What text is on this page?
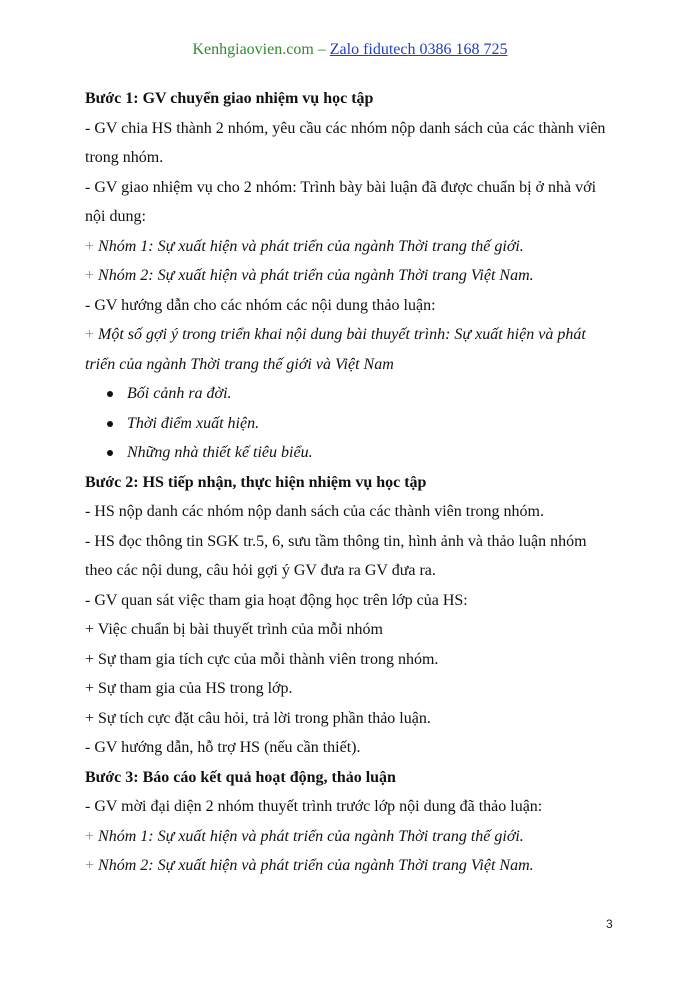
Kenhgiaovien.com – Zalo fidutech 0386 168 725
Bước 1: GV chuyển giao nhiệm vụ học tập
- GV chia HS thành 2 nhóm, yêu cầu các nhóm nộp danh sách của các thành viên
trong nhóm.
- GV giao nhiệm vụ cho 2 nhóm: Trình bày bài luận đã được chuẩn bị ở nhà với
nội dung:
+ Nhóm 1: Sự xuất hiện và phát triển của ngành Thời trang thế giới.
+ Nhóm 2: Sự xuất hiện và phát triển của ngành Thời trang Việt Nam.
- GV hướng dẫn cho các nhóm các nội dung thảo luận:
+ Một số gợi ý trong triển khai nội dung bài thuyết trình: Sự xuất hiện và phát
triển của ngành Thời trang thế giới và Việt Nam
Bối cảnh ra đời.
Thời điểm xuất hiện.
Những nhà thiết kế tiêu biểu.
Bước 2: HS tiếp nhận, thực hiện nhiệm vụ học tập
- HS nộp danh các nhóm nộp danh sách của các thành viên trong nhóm.
- HS đọc thông tin SGK tr.5, 6, sưu tầm thông tin, hình ảnh và thảo luận nhóm
theo các nội dung, câu hỏi gợi ý GV đưa ra GV đưa ra.
- GV quan sát việc tham gia hoạt động học trên lớp của HS:
+ Việc chuẩn bị bài thuyết trình của mỗi nhóm
+ Sự tham gia tích cực của mỗi thành viên trong nhóm.
+ Sự tham gia của HS trong lớp.
+ Sự tích cực đặt câu hỏi, trả lời trong phần thảo luận.
- GV hướng dẫn, hỗ trợ HS (nếu cần thiết).
Bước 3: Báo cáo kết quả hoạt động, thảo luận
- GV mời đại diện 2 nhóm thuyết trình trước lớp nội dung đã thảo luận:
+ Nhóm 1: Sự xuất hiện và phát triển của ngành Thời trang thế giới.
+ Nhóm 2: Sự xuất hiện và phát triển của ngành Thời trang Việt Nam.
3
